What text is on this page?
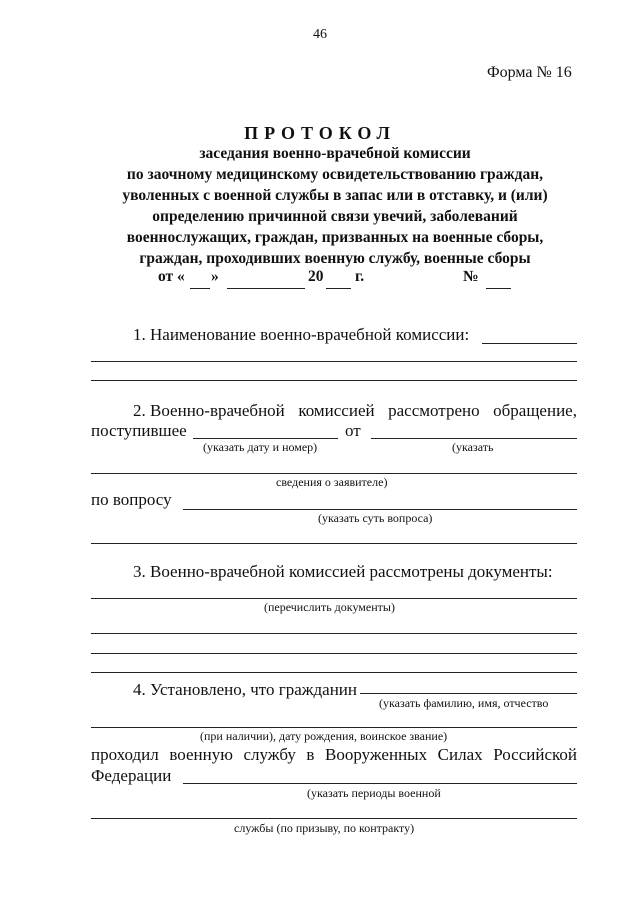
46
Форма № 16
ПРОТОКОЛ
заседания военно-врачебной комиссии
по заочному медицинскому освидетельствованию граждан,
уволенных с военной службы в запас или в отставку, и (или)
определению причинной связи увечий, заболеваний
военнослужащих, граждан, призванных на военные сборы,
граждан, проходивших военную службу, военные сборы
от « »	20 г.	№
1. Наименование военно-врачебной комиссии:
2. Военно-врачебной комиссией рассмотрено обращение,
поступившее	от
(указать дату и номер)	(указать
сведения о заявителе)
по вопросу
(указать суть вопроса)
3. Военно-врачебной комиссией рассмотрены документы:
(перечислить документы)
4. Установлено, что гражданин
(указать фамилию, имя, отчество
(при наличии), дату рождения, воинское звание)
проходил военную службу в Вооруженных Силах Российской
Федерации
(указать периоды военной
службы (по призыву, по контракту)
